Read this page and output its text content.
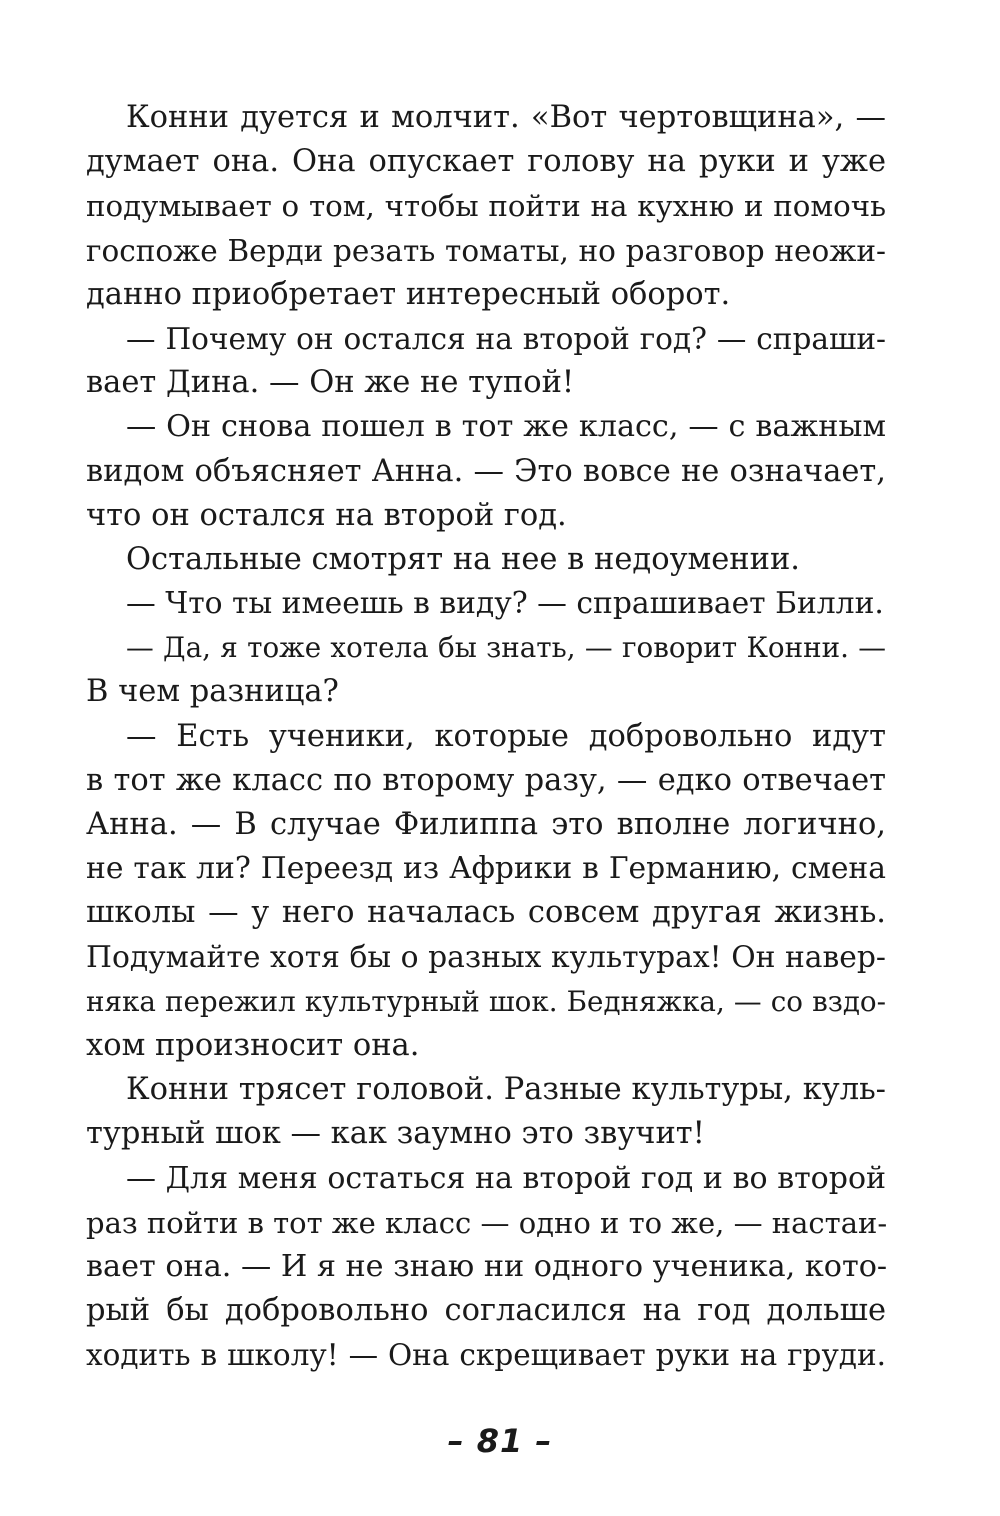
Конни дуется и молчит. «Вот чертовщина», —
думает она. Она опускает голову на руки и уже
подумывает о том, чтобы пойти на кухню и помочь
госпоже Верди резать томаты, но разговор неожи-
данно приобретает интересный оборот.
— Почему он остался на второй год? — спраши-
вает Дина. — Он же не тупой!
— Он снова пошел в тот же класс, — с важным
видом объясняет Анна. — Это вовсе не означает,
что он остался на второй год.
Остальные смотрят на нее в недоумении.
— Что ты имеешь в виду? — спрашивает Билли.
— Да, я тоже хотела бы знать, — говорит Конни. —
В чем разница?
— Есть ученики, которые добровольно идут
в тот же класс по второму разу, — едко отвечает
Анна. — В случае Филиппа это вполне логично,
не так ли? Переезд из Африки в Германию, смена
школы — у него началась совсем другая жизнь.
Подумайте хотя бы о разных культурах! Он навер-
няка пережил культурный шок. Бедняжка, — со вздо-
хом произносит она.
Конни трясет головой. Разные культуры, куль-
турный шок — как заумно это звучит!
— Для меня остаться на второй год и во второй
раз пойти в тот же класс — одно и то же, — настаи-
вает она. — И я не знаю ни одного ученика, кото-
рый бы добровольно согласился на год дольше
ходить в школу! — Она скрещивает руки на груди.
– 81 –
